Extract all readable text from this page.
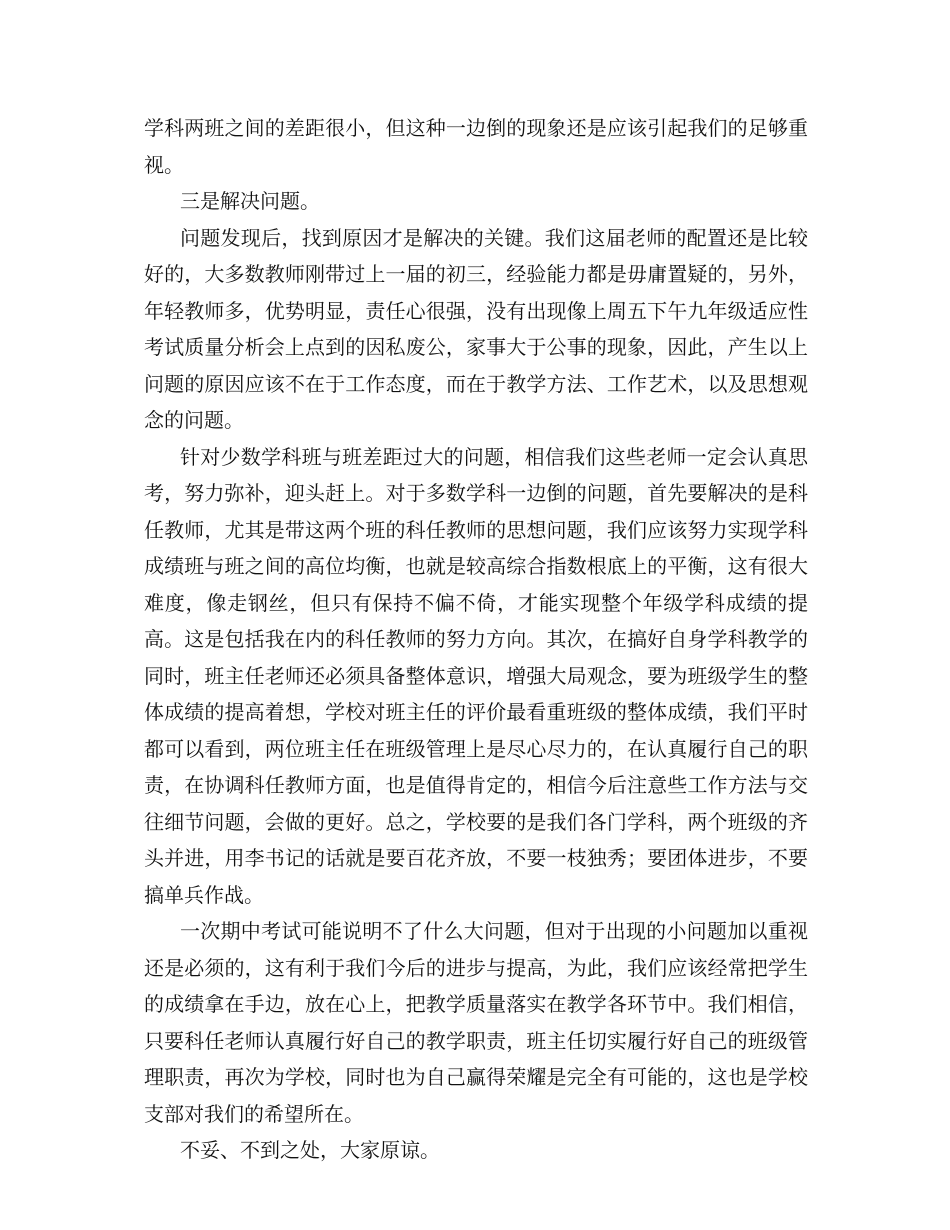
学科两班之间的差距很小，但这种一边倒的现象还是应该引起我们的足够重视。

三是解决问题。

问题发现后，找到原因才是解决的关键。我们这届老师的配置还是比较好的，大多数教师刚带过上一届的初三，经验能力都是毋庸置疑的，另外，年轻教师多，优势明显，责任心很强，没有出现像上周五下午九年级适应性考试质量分析会上点到的因私废公，家事大于公事的现象，因此，产生以上问题的原因应该不在于工作态度，而在于教学方法、工作艺术，以及思想观念的问题。

针对少数学科班与班差距过大的问题，相信我们这些老师一定会认真思考，努力弥补，迎头赶上。对于多数学科一边倒的问题，首先要解决的是科任教师，尤其是带这两个班的科任教师的思想问题，我们应该努力实现学科成绩班与班之间的高位均衡，也就是较高综合指数根底上的平衡，这有很大难度，像走钢丝，但只有保持不偏不倚，才能实现整个年级学科成绩的提高。这是包括我在内的科任教师的努力方向。其次，在搞好自身学科教学的同时，班主任老师还必须具备整体意识，增强大局观念，要为班级学生的整体成绩的提高着想，学校对班主任的评价最看重班级的整体成绩，我们平时都可以看到，两位班主任在班级管理上是尽心尽力的，在认真履行自己的职责，在协调科任教师方面，也是值得肯定的，相信今后注意些工作方法与交往细节问题，会做的更好。总之，学校要的是我们各门学科，两个班级的齐头并进，用李书记的话就是要百花齐放，不要一枝独秀；要团体进步，不要搞单兵作战。

一次期中考试可能说明不了什么大问题，但对于出现的小问题加以重视还是必须的，这有利于我们今后的进步与提高，为此，我们应该经常把学生的成绩拿在手边，放在心上，把教学质量落实在教学各环节中。我们相信，只要科任老师认真履行好自己的教学职责，班主任切实履行好自己的班级管理职责，再次为学校，同时也为自己赢得荣耀是完全有可能的，这也是学校支部对我们的希望所在。

不妥、不到之处，大家原谅。
